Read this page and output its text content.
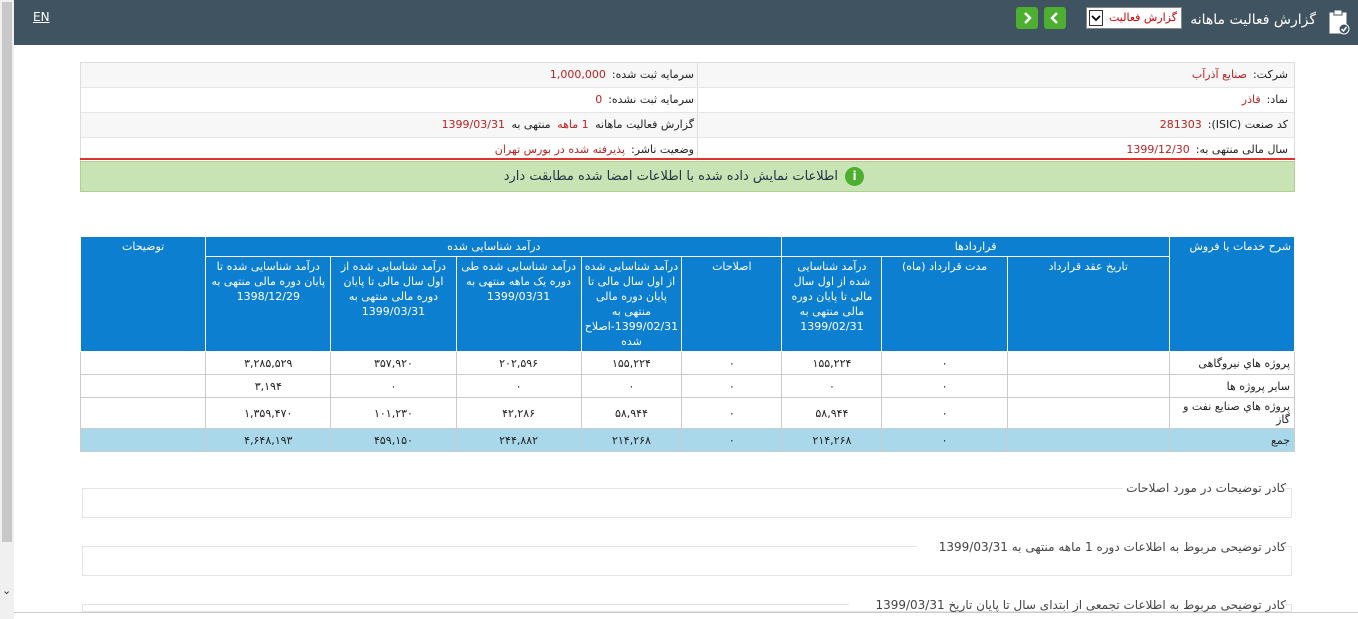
⌄
EN	گزارش فعالیت ماهانه
گزارش فعالیت
شرکت:صنایع آذرآب
سرمایه ثبت شده:1,000,000
نماد:فاذر
سرمایه ثبت نشده:0
کد صنعت (ISIC):281303
گزارش فعالیت ماهانه 1 ماهه منتهی به 1399/03/31
سال مالی منتهی به:1399/12/30
وضعیت ناشر:پذیرفته شده در بورس تهران
i
اطلاعات نمایش داده شده با اطلاعات امضا شده مطابقت دارد
شرح خدمات یا فروش	قراردادها			درآمد شناسایی شده					توضیحات
	تاریخ عقد قرارداد	مدت قرارداد (ماه)	درآمد شناسایی شده از اول سال مالی تا پایان دوره مالی منتهی به 1399/02/31	اصلاحات	درآمد شناسایی شده از اول سال مالی تا پایان دوره مالی منتهی به 1399/02/31-اصلاح شده	درآمد شناسایی شده طی دوره یک ماهه منتهی به 1399/03/31	درآمد شناسایی شده از اول سال مالی تا پایان دوره مالی منتهی به 1399/03/31	درآمد شناسایی شده تا پایان دوره مالی منتهی به 1398/12/29	
پروژه هاي نیروگاهی		۰	۱۵۵,۲۲۴	۰	۱۵۵,۲۲۴	۲۰۲,۵۹۶	۳۵۷,۹۲۰	۳,۲۸۵,۵۲۹	
سایر پروژه ها		۰	۰	۰	۰	۰	۰	۳,۱۹۴	
پروژه هاي صنایع نفت و گاز		۰	۵۸,۹۴۴	۰	۵۸,۹۴۴	۴۲,۲۸۶	۱۰۱,۲۳۰	۱,۳۵۹,۴۷۰	
جمع		۰	۲۱۴,۲۶۸	۰	۲۱۴,۲۶۸	۲۴۴,۸۸۲	۴۵۹,۱۵۰	۴,۶۴۸,۱۹۳	
کادر توضیحات در مورد اصلاحات
کادر توضیحی مربوط به اطلاعات دوره 1 ماهه منتهی به 1399/03/31
کادر توضیحی مربوط به اطلاعات تجمعی از ابتدای سال تا پایان تاریخ 1399/03/31
